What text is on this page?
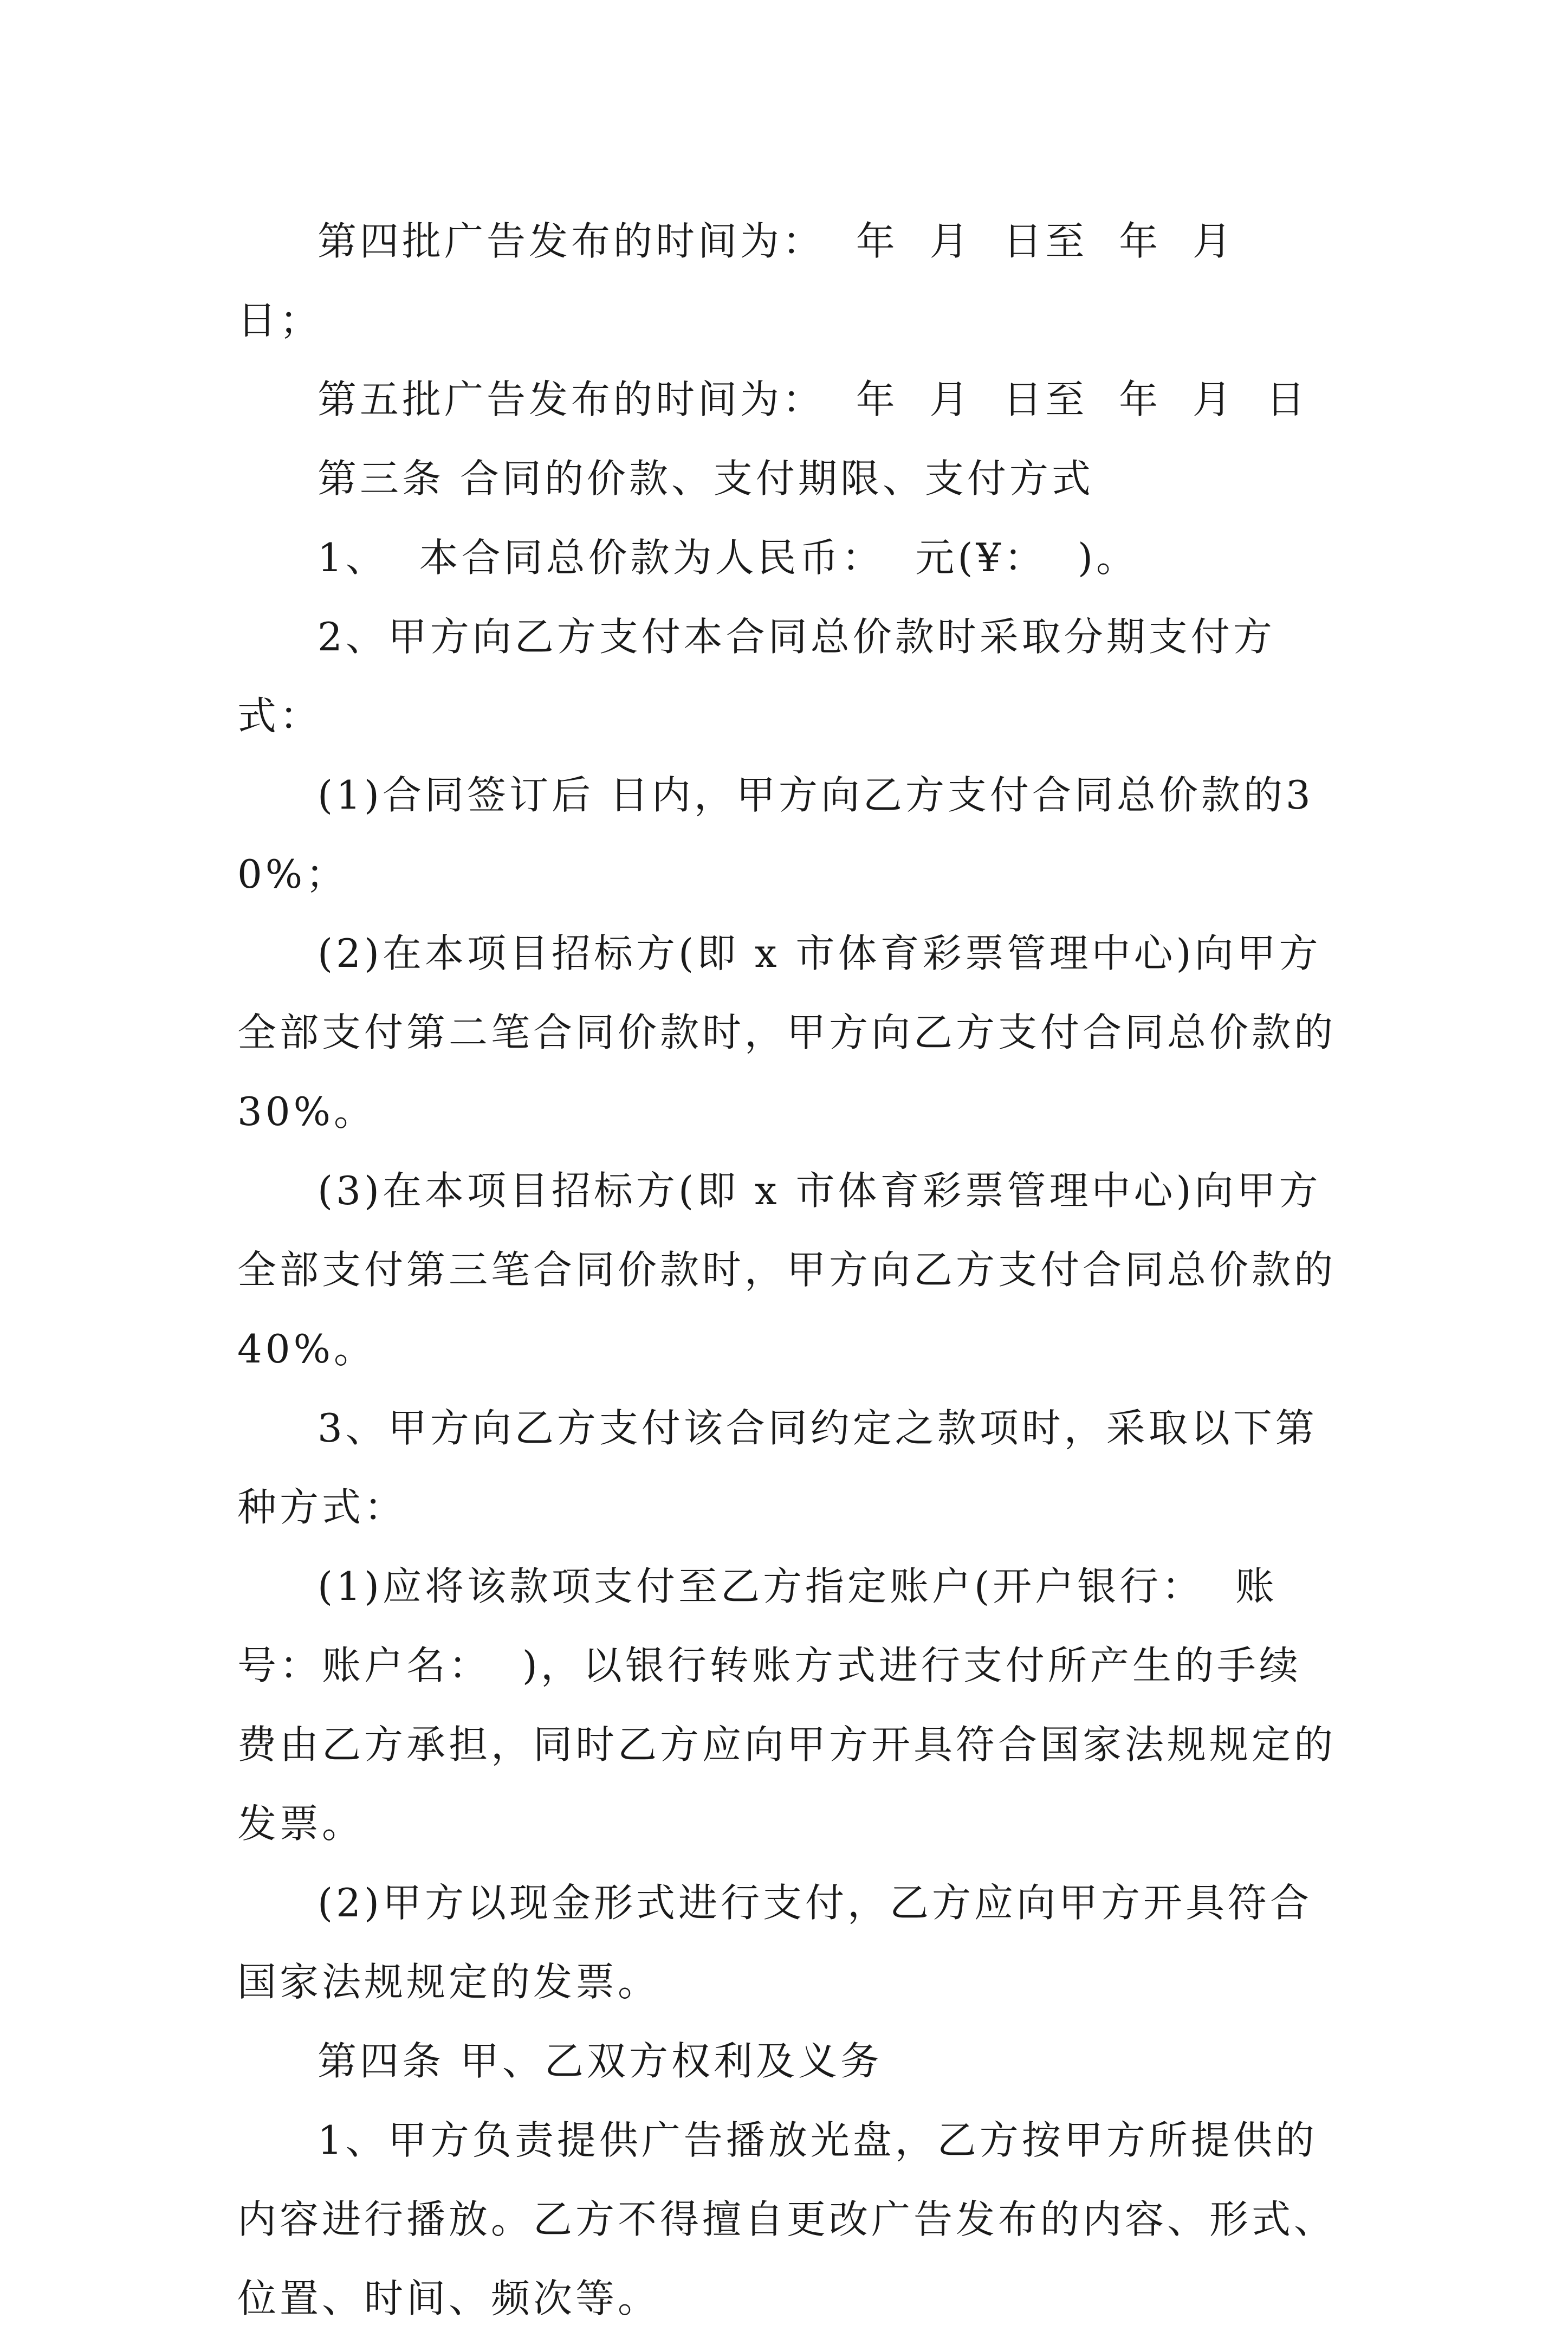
第四批广告发布的时间为：  年  月  日至  年  月  日；

第五批广告发布的时间为：  年  月  日至  年  月  日

第三条 合同的价款、支付期限、支付方式

1、  本合同总价款为人民币：  元(¥：  )。

2、甲方向乙方支付本合同总价款时采取分期支付方式：

(1)合同签订后 日内，甲方向乙方支付合同总价款的30%；

(2)在本项目招标方(即 x 市体育彩票管理中心)向甲方全部支付第二笔合同价款时，甲方向乙方支付合同总价款的30%。

(3)在本项目招标方(即 x 市体育彩票管理中心)向甲方全部支付第三笔合同价款时，甲方向乙方支付合同总价款的40%。

3、甲方向乙方支付该合同约定之款项时，采取以下第 种方式：

(1)应将该款项支付至乙方指定账户(开户银行：  账号：账户名：  )，以银行转账方式进行支付所产生的手续费由乙方承担，同时乙方应向甲方开具符合国家法规规定的发票。

(2)甲方以现金形式进行支付，乙方应向甲方开具符合国家法规规定的发票。

第四条 甲、乙双方权利及义务

1、甲方负责提供广告播放光盘，乙方按甲方所提供的内容进行播放。乙方不得擅自更改广告发布的内容、形式、位置、时间、频次等。
